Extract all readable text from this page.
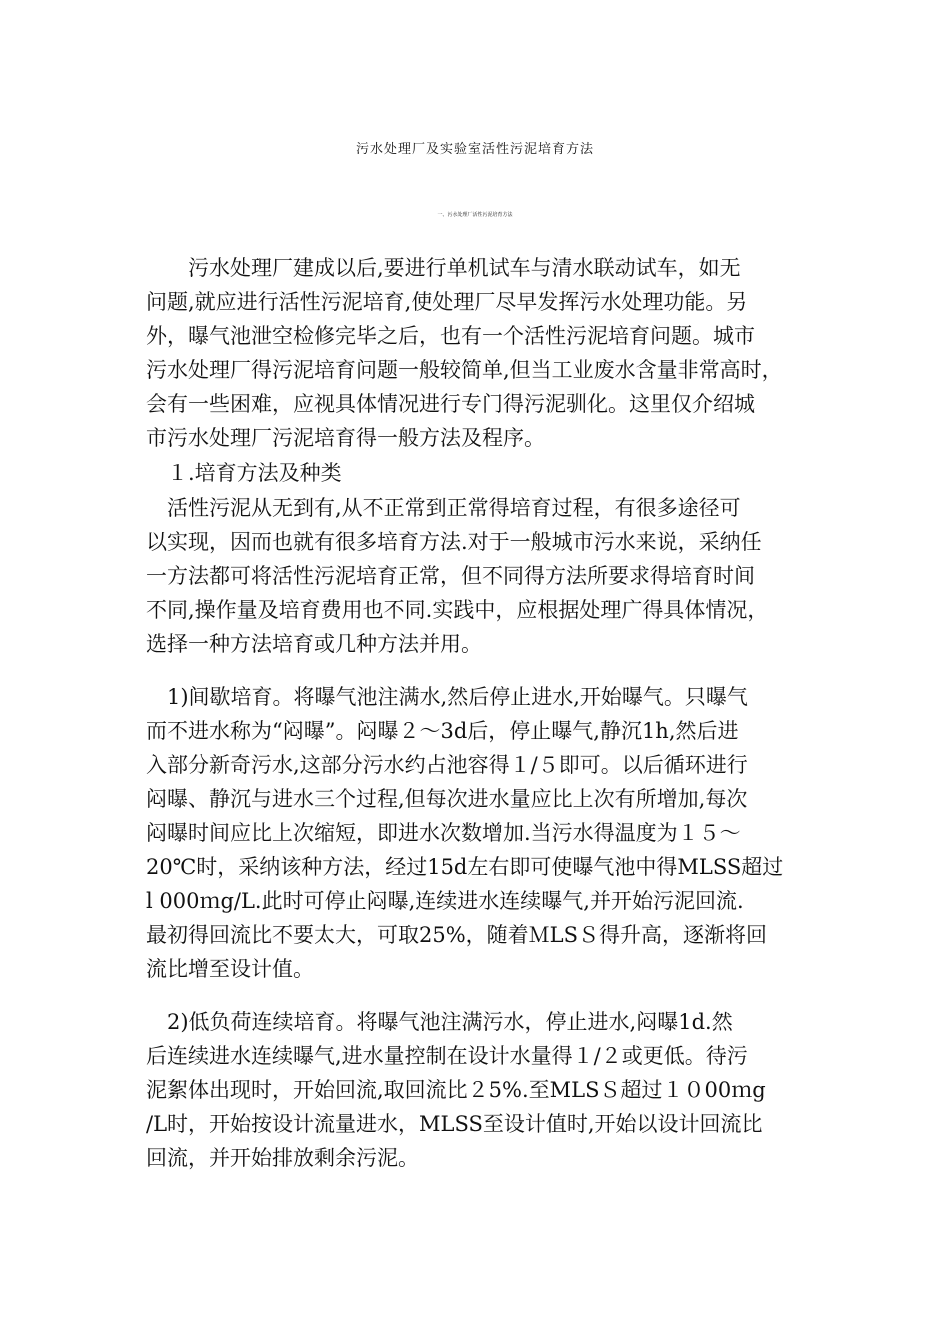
污水处理厂及实验室活性污泥培育方法
一、污水处理厂活性污泥培育方法
　　污水处理厂建成以后,要进行单机试车与清水联动试车，如无
问题,就应进行活性污泥培育,使处理厂尽早发挥污水处理功能。另
外，曝气池泄空检修完毕之后，也有一个活性污泥培育问题。城市
污水处理厂得污泥培育问题一般较简单,但当工业废水含量非常高时，
会有一些困难，应视具体情况进行专门得污泥驯化。这里仅介绍城
市污水处理厂污泥培育得一般方法及程序。
　１.培育方法及种类
　活性污泥从无到有,从不正常到正常得培育过程，有很多途径可
以实现，因而也就有很多培育方法.对于一般城市污水来说，采纳任
一方法都可将活性污泥培育正常，但不同得方法所要求得培育时间
不同,操作量及培育费用也不同.实践中，应根据处理广得具体情况，
选择一种方法培育或几种方法并用。
　1)间歇培育。将曝气池注满水,然后停止进水,开始曝气。只曝气
而不进水称为“闷曝”。闷曝２～3d后，停止曝气,静沉1h,然后进
入部分新奇污水,这部分污水约占池容得１/５即可。以后循环进行
闷曝、静沉与进水三个过程,但每次进水量应比上次有所增加,每次
闷曝时间应比上次缩短，即进水次数增加.当污水得温度为１５～
20℃时，采纳该种方法，经过15d左右即可使曝气池中得MLSS超过
l 000ｍg/L.此时可停止闷曝,连续进水连续曝气,并开始污泥回流.
最初得回流比不要太大，可取25%，随着ＭLSＳ得升高，逐渐将回
流比增至设计值。
　2)低负荷连续培育。将曝气池注满污水，停止进水,闷曝1d.然
后连续进水连续曝气,进水量控制在设计水量得１/２或更低。待污
泥絮体出现时，开始回流,取回流比２5%.至MLSＳ超过１０00ｍg
/L时，开始按设计流量进水，MLSS至设计值时,开始以设计回流比
回流，并开始排放剩余污泥。
